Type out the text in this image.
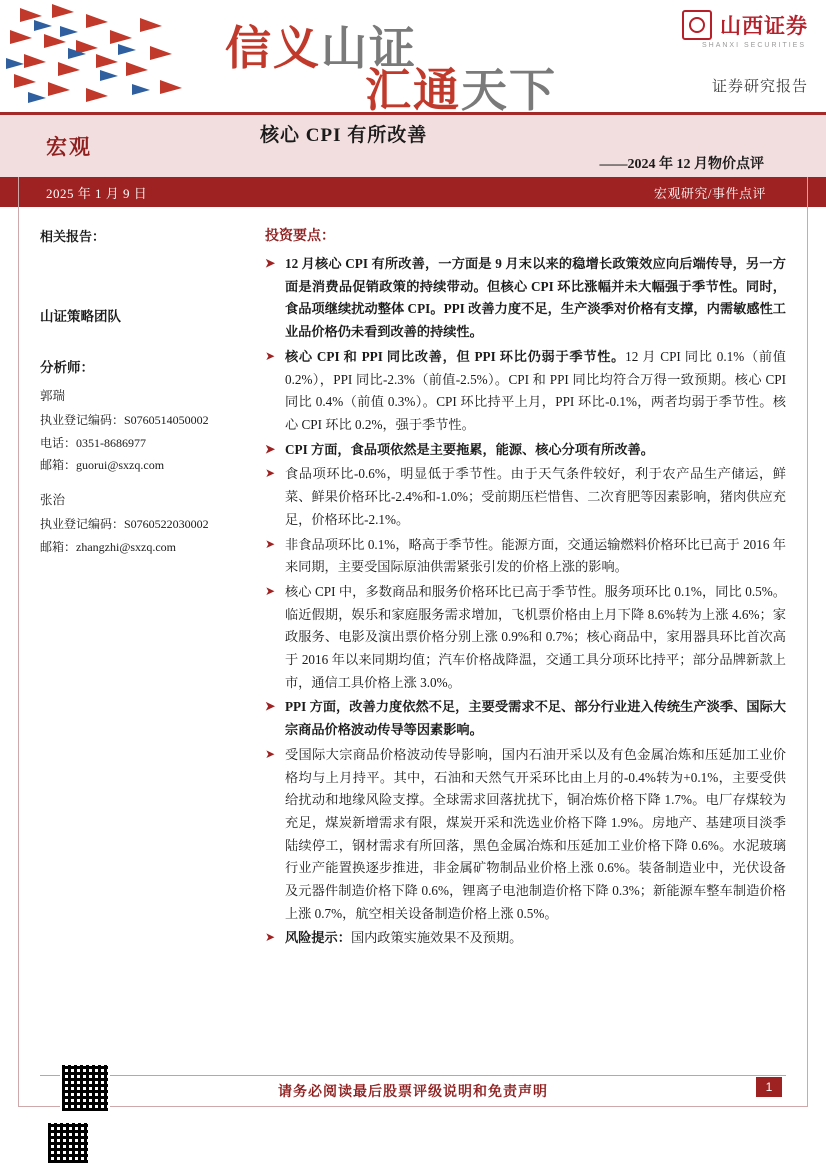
信义山证
汇通天下
山西证券
SHANXI SECURITIES
证券研究报告
宏观	核心 CPI 有所改善
——2024 年 12 月物价点评
2025 年 1 月 9 日	宏观研究/事件点评
相关报告：
山证策略团队
分析师：
郭瑞
执业登记编码：S0760514050002
电话：0351-8686977
邮箱：guorui@sxzq.com
张治
执业登记编码：S0760522030002
邮箱：zhangzhi@sxzq.com
投资要点：
➤ 12 月核心 CPI 有所改善，一方面是 9 月末以来的稳增长政策效应向后端传导，另一方面是消费品促销政策的持续带动。但核心 CPI 环比涨幅并未大幅强于季节性。同时，食品项继续扰动整体 CPI。PPI 改善力度不足，生产淡季对价格有支撑，内需敏感性工业品价格仍未看到改善的持续性。
➤ 核心 CPI 和 PPI 同比改善，但 PPI 环比仍弱于季节性。12 月 CPI 同比 0.1%（前值 0.2%），PPI 同比-2.3%（前值-2.5%）。CPI 和 PPI 同比均符合万得一致预期。核心 CPI 同比 0.4%（前值 0.3%）。CPI 环比持平上月，PPI 环比-0.1%，两者均弱于季节性。核心 CPI 环比 0.2%，强于季节性。
➤ CPI 方面，食品项依然是主要拖累，能源、核心分项有所改善。
➤ 食品项环比-0.6%，明显低于季节性。由于天气条件较好，利于农产品生产储运，鲜菜、鲜果价格环比-2.4%和-1.0%；受前期压栏惜售、二次育肥等因素影响，猪肉供应充足，价格环比-2.1%。
➤ 非食品项环比 0.1%，略高于季节性。能源方面，交通运输燃料价格环比已高于 2016 年来同期，主要受国际原油供需紧张引发的价格上涨的影响。
➤ 核心 CPI 中，多数商品和服务价格环比已高于季节性。服务项环比 0.1%，同比 0.5%。临近假期，娱乐和家庭服务需求增加，飞机票价格由上月下降 8.6%转为上涨 4.6%；家政服务、电影及演出票价格分别上涨 0.9%和 0.7%；核心商品中，家用器具环比首次高于 2016 年以来同期均值；汽车价格战降温，交通工具分项环比持平；部分品牌新款上市，通信工具价格上涨 3.0%。
➤ PPI 方面，改善力度依然不足，主要受需求不足、部分行业进入传统生产淡季、国际大宗商品价格波动传导等因素影响。
➤ 受国际大宗商品价格波动传导影响，国内石油开采以及有色金属冶炼和压延加工业价格均与上月持平。其中，石油和天然气开采环比由上月的-0.4%转为+0.1%，主要受供给扰动和地缘风险支撑。全球需求回落扰扰下，铜冶炼价格下降 1.7%。电厂存煤较为充足，煤炭新增需求有限，煤炭开采和洗选业价格下降 1.9%。房地产、基建项目淡季陆续停工，钢材需求有所回落，黑色金属冶炼和压延加工业价格下降 0.6%。水泥玻璃行业产能置换逐步推进，非金属矿物制品业价格上涨 0.6%。装备制造业中，光伏设备及元器件制造价格下降 0.6%，锂离子电池制造价格下降 0.3%；新能源车整车制造价格上涨 0.7%，航空相关设备制造价格上涨 0.5%。
➤ 风险提示：国内政策实施效果不及预期。
请务必阅读最后股票评级说明和免责声明	1
